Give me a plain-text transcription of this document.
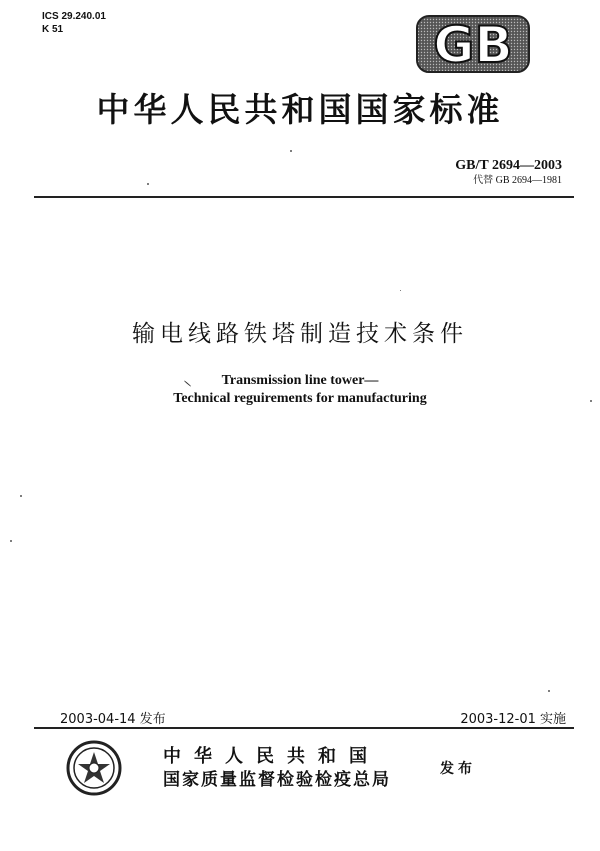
ICS 29.240.01
K 51	GB
中华人民共和国国家标准
GB/T 2694—2003
代替 GB 2694—1981
输电线路铁塔制造技术条件
Transmission line tower—
Technical reguirements for manufacturing
2003-04-14 发布	2003-12-01 实施
中华人民共和国
国家质量监督检验检疫总局
发布
